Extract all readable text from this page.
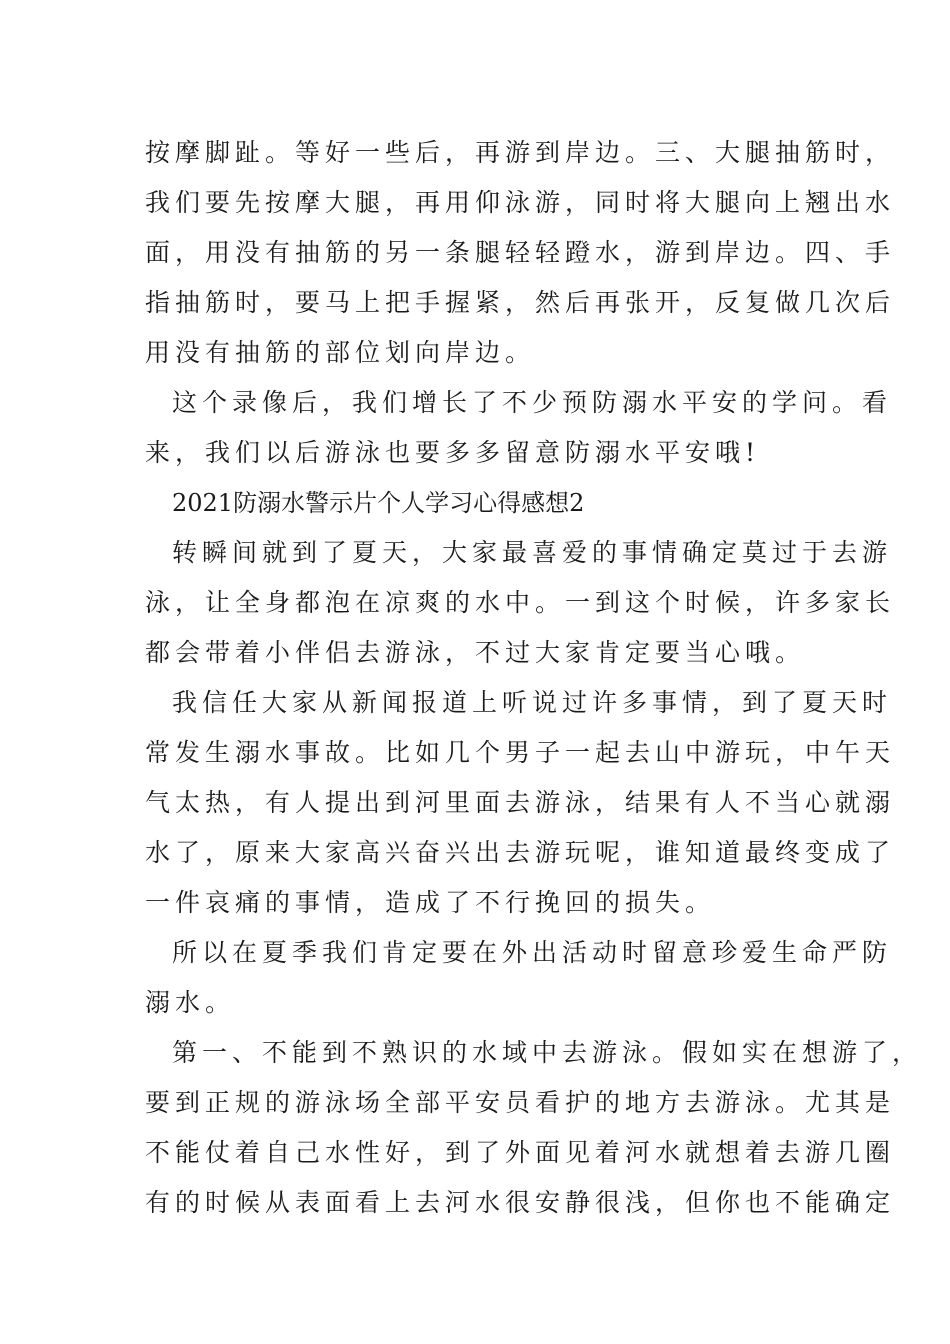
按摩脚趾。等好一些后，再游到岸边。三、大腿抽筋时，
我们要先按摩大腿，再用仰泳游，同时将大腿向上翘出水
面，用没有抽筋的另一条腿轻轻蹬水，游到岸边。四、手
指抽筋时，要马上把手握紧，然后再张开，反复做几次后
用没有抽筋的部位划向岸边。
这个录像后，我们增长了不少预防溺水平安的学问。看
来，我们以后游泳也要多多留意防溺水平安哦!
2021防溺水警示片个人学习心得感想2
转瞬间就到了夏天，大家最喜爱的事情确定莫过于去游
泳，让全身都泡在凉爽的水中。一到这个时候，许多家长
都会带着小伴侣去游泳，不过大家肯定要当心哦。
我信任大家从新闻报道上听说过许多事情，到了夏天时
常发生溺水事故。比如几个男子一起去山中游玩，中午天
气太热，有人提出到河里面去游泳，结果有人不当心就溺
水了，原来大家高兴奋兴出去游玩呢，谁知道最终变成了
一件哀痛的事情，造成了不行挽回的损失。
所以在夏季我们肯定要在外出活动时留意珍爱生命严防
溺水。
第一、不能到不熟识的水域中去游泳。假如实在想游了，
要到正规的游泳场全部平安员看护的地方去游泳。尤其是
不能仗着自己水性好，到了外面见着河水就想着去游几圈
有的时候从表面看上去河水很安静很浅，但你也不能确定
